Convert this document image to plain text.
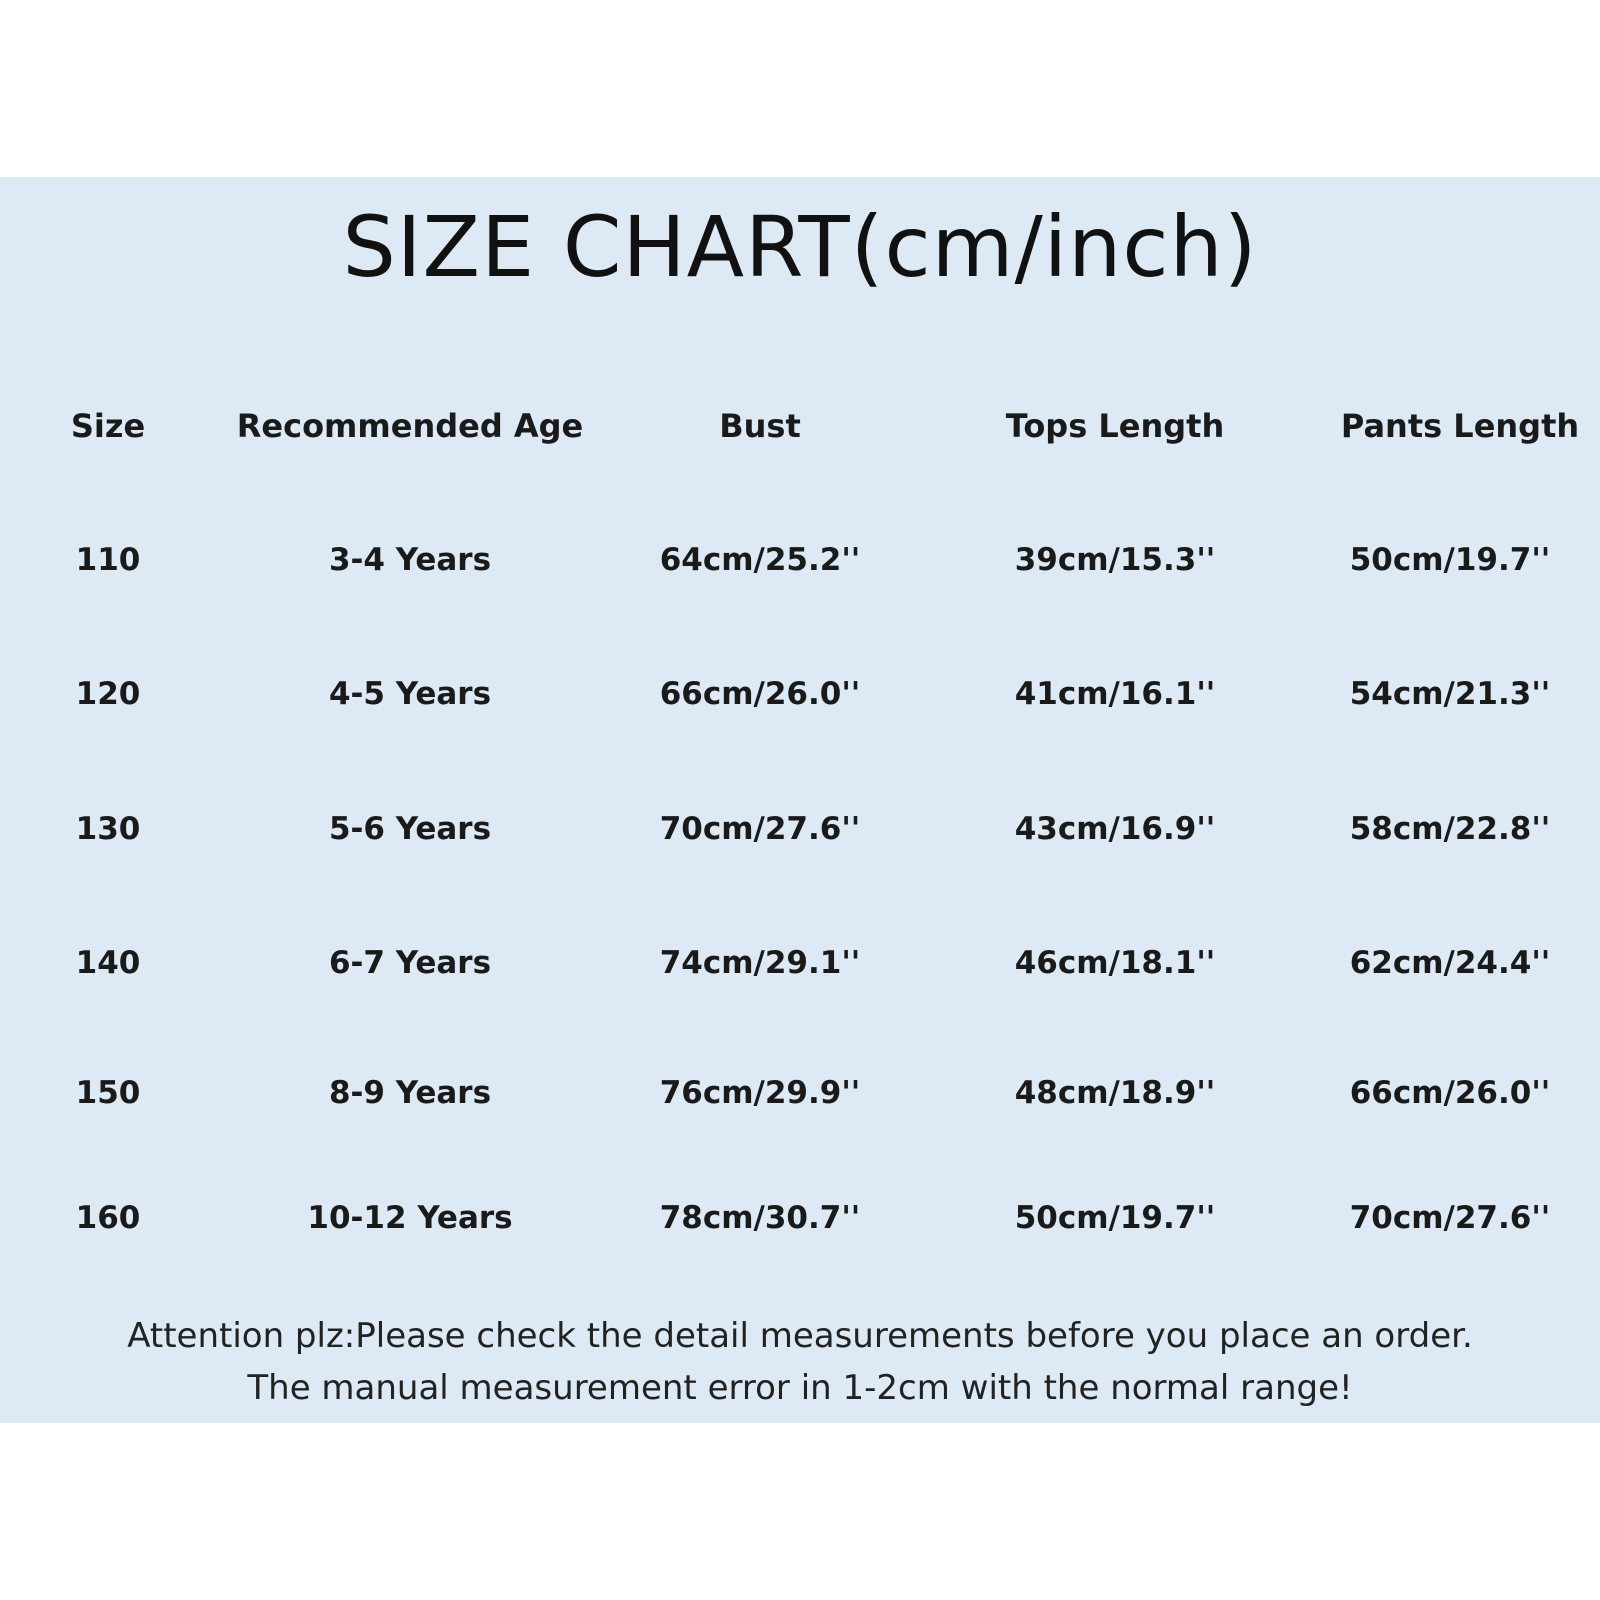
SIZE CHART(cm/inch)
Size	Recommended Age	Bust	Tops Length	Pants Length
110	3-4 Years	64cm/25.2''	39cm/15.3''	50cm/19.7''
120	4-5 Years	66cm/26.0''	41cm/16.1''	54cm/21.3''
130	5-6 Years	70cm/27.6''	43cm/16.9''	58cm/22.8''
140	6-7 Years	74cm/29.1''	46cm/18.1''	62cm/24.4''
150	8-9 Years	76cm/29.9''	48cm/18.9''	66cm/26.0''
160	10-12 Years	78cm/30.7''	50cm/19.7''	70cm/27.6''
Attention plz:Please check the detail measurements before you place an order.
The manual measurement error in 1-2cm with the normal range!
